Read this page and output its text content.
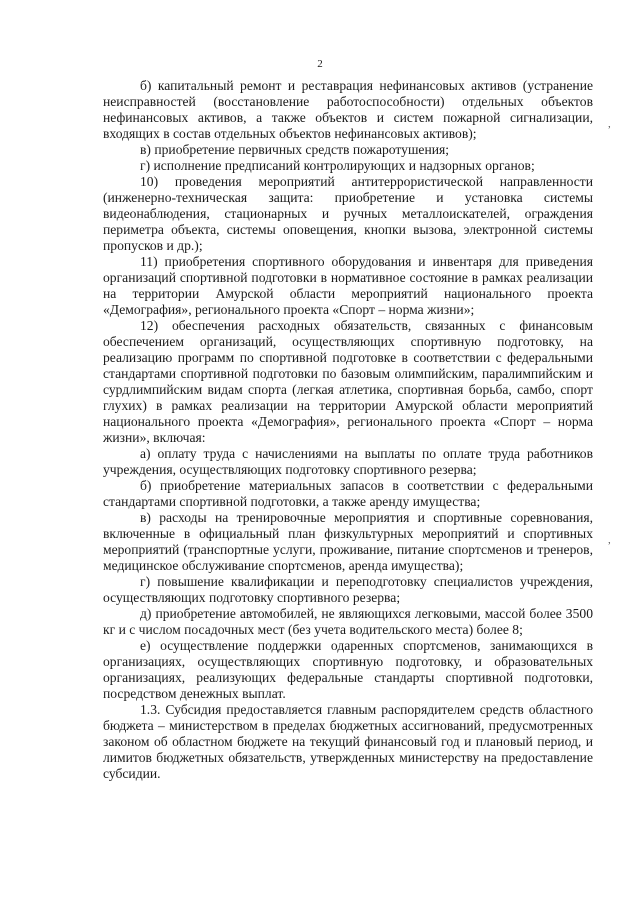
2

б) капитальный ремонт и реставрация нефинансовых активов (устранение неисправностей (восстановление работоспособности) отдельных объектов нефинансовых активов, а также объектов и систем пожарной сигнализации, входящих в состав отдельных объектов нефинансовых активов);

в) приобретение первичных средств пожаротушения;

г) исполнение предписаний контролирующих и надзорных органов;

10) проведения мероприятий антитеррористической направленности (инженерно-техническая защита: приобретение и установка системы видеонаблюдения, стационарных и ручных металлоискателей, ограждения периметра объекта, системы оповещения, кнопки вызова, электронной системы пропусков и др.);

11) приобретения спортивного оборудования и инвентаря для приведения организаций спортивной подготовки в нормативное состояние в рамках реализации на территории Амурской области мероприятий национального проекта «Демография», регионального проекта «Спорт – норма жизни»;

12) обеспечения расходных обязательств, связанных с финансовым обеспечением организаций, осуществляющих спортивную подготовку, на реализацию программ по спортивной подготовке в соответствии с федеральными стандартами спортивной подготовки по базовым олимпийским, паралимпийским и сурдлимпийским видам спорта (легкая атлетика, спортивная борьба, самбо, спорт глухих) в рамках реализации на территории Амурской области мероприятий национального проекта «Демография», регионального проекта «Спорт – норма жизни», включая:

а) оплату труда с начислениями на выплаты по оплате труда работников учреждения, осуществляющих подготовку спортивного резерва;

б) приобретение материальных запасов в соответствии с федеральными стандартами спортивной подготовки, а также аренду имущества;

в) расходы на тренировочные мероприятия и спортивные соревнования, включенные в официальный план физкультурных мероприятий и спортивных мероприятий (транспортные услуги, проживание, питание спортсменов и тренеров, медицинское обслуживание спортсменов, аренда имущества);

г) повышение квалификации и переподготовку специалистов учреждения, осуществляющих подготовку спортивного резерва;

д) приобретение автомобилей, не являющихся легковыми, массой более 3500 кг и с числом посадочных мест (без учета водительского места) более 8;

е) осуществление поддержки одаренных спортсменов, занимающихся в организациях, осуществляющих спортивную подготовку, и образовательных организациях, реализующих федеральные стандарты спортивной подготовки, посредством денежных выплат.

1.3. Субсидия предоставляется главным распорядителем средств областного бюджета – министерством в пределах бюджетных ассигнований, предусмотренных законом об областном бюджете на текущий финансовый год и плановый период, и лимитов бюджетных обязательств, утвержденных министерству на предоставление субсидии.

,
,
